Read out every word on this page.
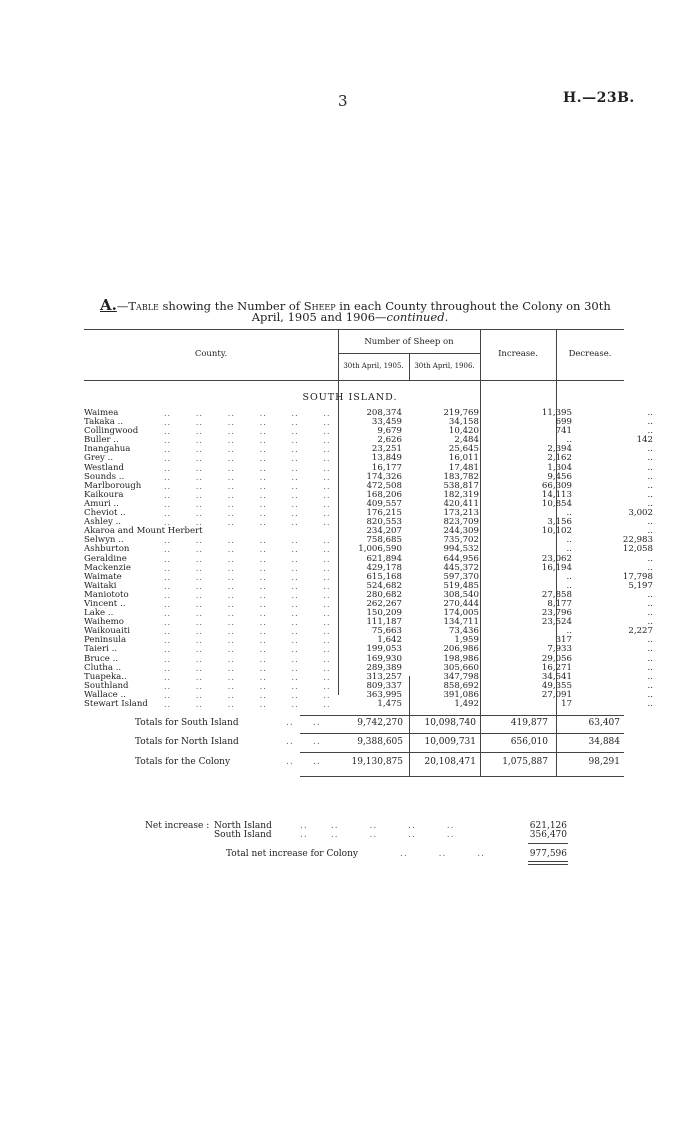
3	H.—23B.
A.—Table showing the Number of Sheep in each County throughout the Colony on 30th
April, 1905 and 1906—continued.
County.
Number of Sheep on
30th April, 1905.	30th April, 1906.
Increase.	Decrease.
SOUTH ISLAND.
Waimea	208,374	219,769	11,395	..
..       ..       ..       ..       ..       ..
Takaka ..	33,459	34,158	699	..
..       ..       ..       ..       ..       ..
Collingwood	9,679	10,420	741	..
..       ..       ..       ..       ..       ..
Buller ..	2,626	2,484	..	142
..       ..       ..       ..       ..       ..
Inangahua	23,251	25,645	2,394	..
..       ..       ..       ..       ..       ..
Grey ..	13,849	16,011	2,162	..
..       ..       ..       ..       ..       ..
Westland	16,177	17,481	1,304	..
..       ..       ..       ..       ..       ..
Sounds ..	174,326	183,782	9,456	..
..       ..       ..       ..       ..       ..
Marlborough	472,508	538,817	66,309	..
..       ..       ..       ..       ..       ..
Kaikoura	168,206	182,319	14,113	..
..       ..       ..       ..       ..       ..
Amuri ..	409,557	420,411	10,854	..
..       ..       ..       ..       ..       ..
Cheviot ..	176,215	173,213	..	3,002
..       ..       ..       ..       ..       ..
Ashley ..	820,553	823,709	3,156	..
..       ..       ..       ..       ..       ..
Akaroa and Mount Herbert	234,207	244,309	10,102	..
Selwyn ..	758,685	735,702	..	22,983
..       ..       ..       ..       ..       ..
Ashburton	1,006,590	994,532	..	12,058
..       ..       ..       ..       ..       ..
Geraldine	621,894	644,956	23,062	..
..       ..       ..       ..       ..       ..
Mackenzie	429,178	445,372	16,194	..
..       ..       ..       ..       ..       ..
Waimate	615,168	597,370	..	17,798
..       ..       ..       ..       ..       ..
Waitaki	524,682	519,485	..	5,197
..       ..       ..       ..       ..       ..
Maniototo	280,682	308,540	27,858	..
..       ..       ..       ..       ..       ..
Vincent ..	262,267	270,444	8,177	..
..       ..       ..       ..       ..       ..
Lake ..	150,209	174,005	23,796	..
..       ..       ..       ..       ..       ..
Waihemo	111,187	134,711	23,524	..
..       ..       ..       ..       ..       ..
Waikouaiti	75,663	73,436	..	2,227
..       ..       ..       ..       ..       ..
Peninsula	1,642	1,959	317	..
..       ..       ..       ..       ..       ..
Taieri ..	199,053	206,986	7,933	..
..       ..       ..       ..       ..       ..
Bruce ..	169,930	198,986	29,056	..
..       ..       ..       ..       ..       ..
Clutha ..	289,389	305,660	16,271	..
..       ..       ..       ..       ..       ..
Tuapeka..	313,257	347,798	34,541	..
..       ..       ..       ..       ..       ..
Southland	809,337	858,692	49,355	..
..       ..       ..       ..       ..       ..
Wallace ..	363,995	391,086	27,091	..
..       ..       ..       ..       ..       ..
Stewart Island	1,475	1,492	17	..
..       ..       ..       ..       ..       ..
Totals for South Island	9,742,270 10,098,740	419,877	63,407
..     ..
Totals for North Island	9,388,605 10,009,731	656,010	34,884
..     ..
Totals for the Colony	19,130,875 20,108,471	1,075,887	98,291
..     ..
Net increase : North Island	..      ..        ..        ..        ..	621,126
South Island	..      ..        ..        ..        ..	356,470
Total net increase for Colony	..        ..        ..	977,596
